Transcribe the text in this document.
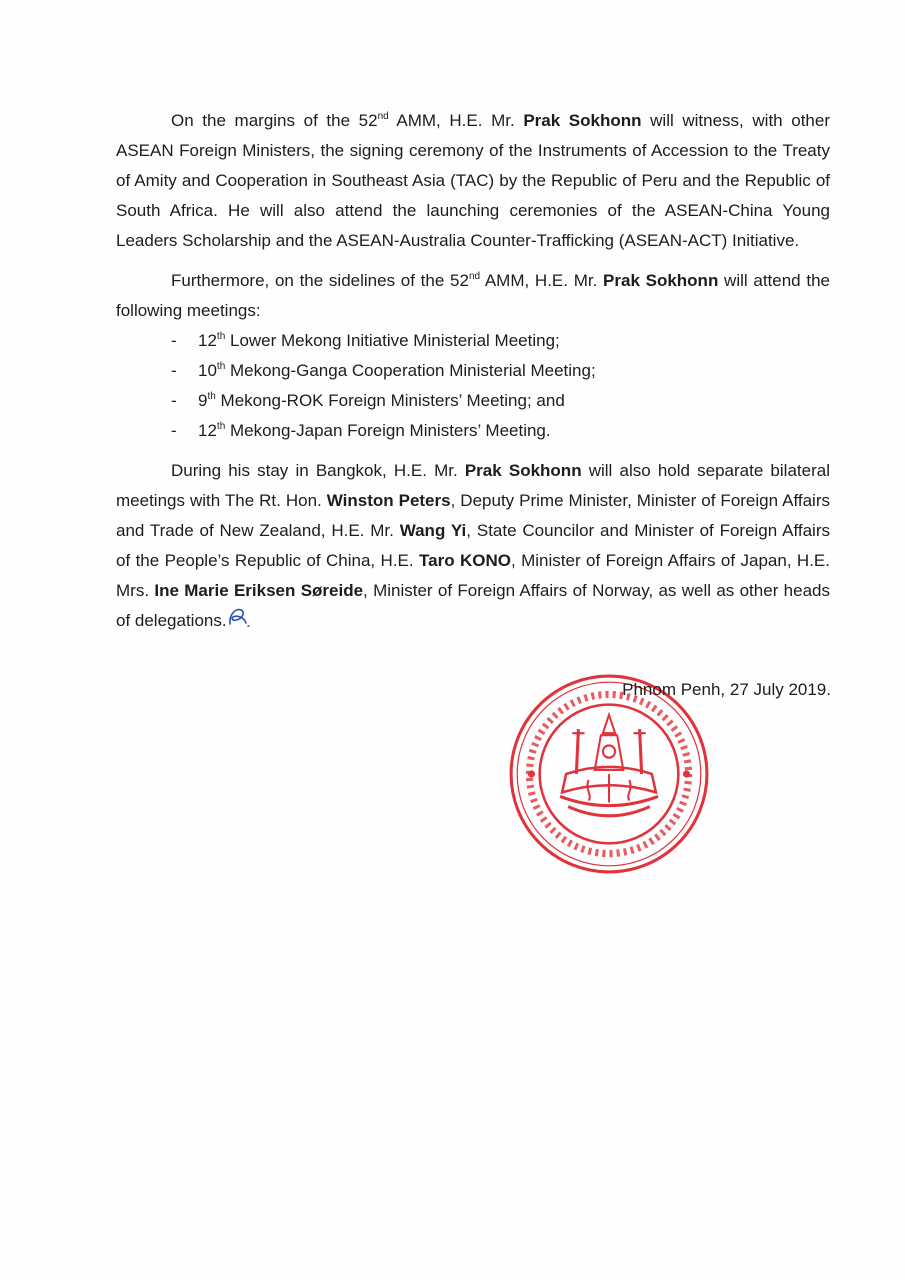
On the margins of the 52nd AMM, H.E. Mr. Prak Sokhonn will witness, with other ASEAN Foreign Ministers, the signing ceremony of the Instruments of Accession to the Treaty of Amity and Cooperation in Southeast Asia (TAC) by the Republic of Peru and the Republic of South Africa. He will also attend the launching ceremonies of the ASEAN-China Young Leaders Scholarship and the ASEAN-Australia Counter-Trafficking (ASEAN-ACT) Initiative.

Furthermore, on the sidelines of the 52nd AMM, H.E. Mr. Prak Sokhonn will attend the following meetings:

- 12th Lower Mekong Initiative Ministerial Meeting;
- 10th Mekong-Ganga Cooperation Ministerial Meeting;
- 9th Mekong-ROK Foreign Ministers’ Meeting; and
- 12th Mekong-Japan Foreign Ministers’ Meeting.

During his stay in Bangkok, H.E. Mr. Prak Sokhonn will also hold separate bilateral meetings with The Rt. Hon. Winston Peters, Deputy Prime Minister, Minister of Foreign Affairs and Trade of New Zealand, H.E. Mr. Wang Yi, State Councilor and Minister of Foreign Affairs of the People’s Republic of China, H.E. Taro KONO, Minister of Foreign Affairs of Japan, H.E. Mrs. Ine Marie Eriksen Søreide, Minister of Foreign Affairs of Norway, as well as other heads of delegations.

Phnom Penh, 27 July 2019.
